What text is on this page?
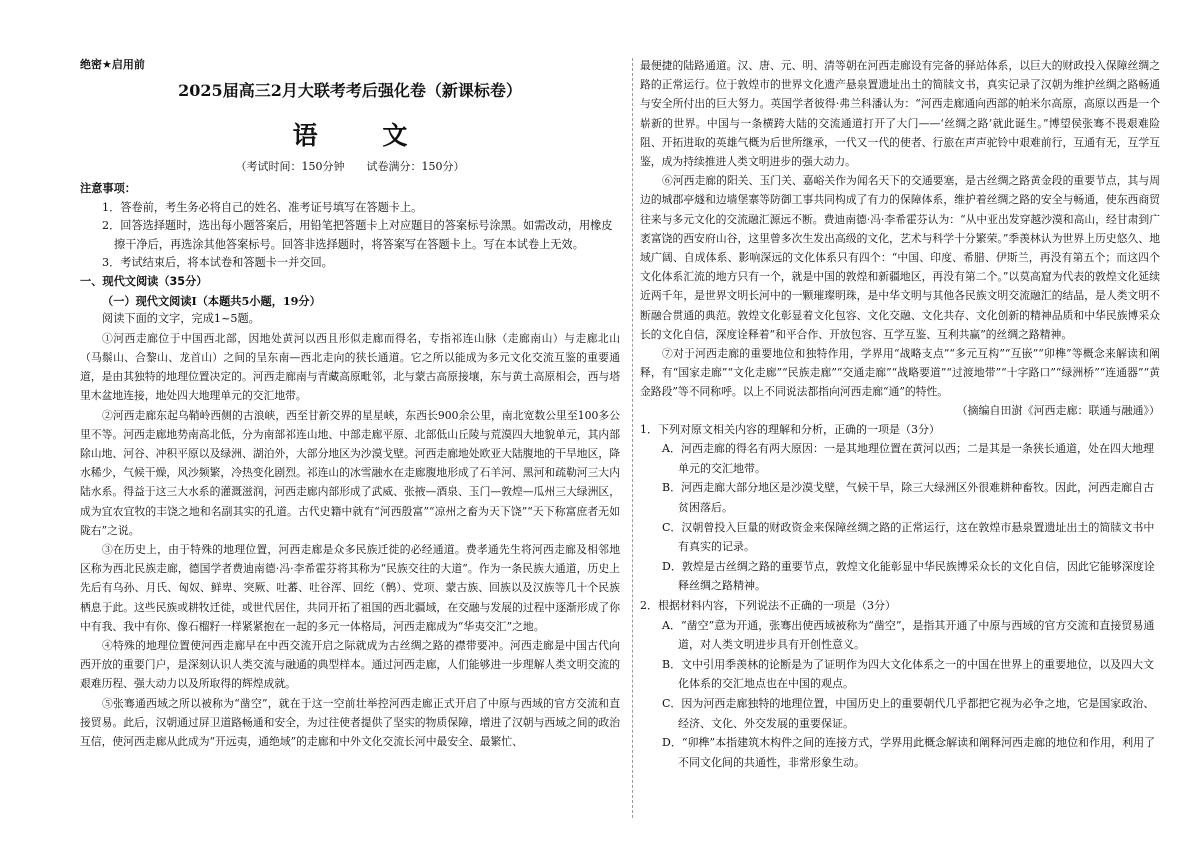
绝密★启用前
2025届高三2月大联考考后强化卷（新课标卷）
语 文
（考试时间：150分钟　　试卷满分：150分）

注意事项：

1．答卷前，考生务必将自己的姓名、准考证号填写在答题卡上。

2．回答选择题时，选出每小题答案后，用铅笔把答题卡上对应题目的答案标号涂黑。如需改动，用橡皮擦干净后，再选涂其他答案标号。回答非选择题时，将答案写在答题卡上。写在本试卷上无效。

3．考试结束后，将本试卷和答题卡一并交回。

一、现代文阅读（35分）

（一）现代文阅读I（本题共5小题，19分）

阅读下面的文字，完成1~5题。

①河西走廊位于中国西北部，因地处黄河以西且形似走廊而得名，专指祁连山脉（走廊南山）与走廊北山（马鬃山、合黎山、龙首山）之间的呈东南—西北走向的狭长通道。它之所以能成为多元文化交流互鉴的重要通道，是由其独特的地理位置决定的。河西走廊南与青藏高原毗邻，北与蒙古高原接壤，东与黄土高原相会，西与塔里木盆地连接，地处四大地理单元的交汇地带。

②河西走廊东起乌鞘岭西侧的古浪峡，西至甘新交界的星星峡，东西长900余公里，南北宽数公里至100多公里不等。河西走廊地势南高北低，分为南部祁连山地、中部走廊平原、北部低山丘陵与荒漠四大地貌单元，其内部除山地、河谷、冲积平原以及绿洲、湖泊外，大部分地区为沙漠戈壁。河西走廊地处欧亚大陆腹地的干旱地区，降水稀少，气候干燥，风沙频繁，冷热变化剧烈。祁连山的冰雪融水在走廊腹地形成了石羊河、黑河和疏勒河三大内陆水系。得益于这三大水系的灌溉滋润，河西走廊内部形成了武威、张掖—酒泉、玉门—敦煌—瓜州三大绿洲区，成为宜农宜牧的丰饶之地和名副其实的孔道。古代史籍中就有“河西殷富”“凉州之畜为天下饶”“天下称富庶者无如陇右”之说。

③在历史上，由于特殊的地理位置，河西走廊是众多民族迁徙的必经通道。费孝通先生将河西走廊及相邻地区称为西北民族走廊，德国学者费迪南德·冯·李希霍芬将其称为“民族交往的大道”。作为一条民族大通道，历史上先后有乌孙、月氏、匈奴、鲜卑、突厥、吐蕃、吐谷浑、回纥（鹘）、党项、蒙古族、回族以及汉族等几十个民族栖息于此。这些民族或耕牧迁徙，或世代居住，共同开拓了祖国的西北疆域，在交融与发展的过程中逐渐形成了你中有我、我中有你、像石榴籽一样紧紧抱在一起的多元一体格局，河西走廊成为“华夷交汇”之地。

④特殊的地理位置使河西走廊早在中西交流开启之际就成为古丝绸之路的襟带要冲。河西走廊是中国古代向西开放的重要门户，是深刻认识人类交流与融通的典型样本。通过河西走廊，人们能够进一步理解人类文明交流的艰难历程、强大动力以及所取得的辉煌成就。

⑤张骞通西域之所以被称为“凿空”，就在于这一空前壮举控河西走廊正式开启了中原与西域的官方交流和直接贸易。此后，汉朝通过屏卫道路畅通和安全，为过往使者提供了坚实的物质保障，增进了汉朝与西域之间的政治互信，使河西走廊从此成为“开远夷，通绝域”的走廊和中外文化交流长河中最安全、最繁忙、

最便捷的陆路通道。汉、唐、元、明、清等朝在河西走廊设有完备的驿站体系，以巨大的财政投入保障丝绸之路的正常运行。位于敦煌市的世界文化遗产悬泉置遗址出土的简牍文书，真实记录了汉朝为维护丝绸之路畅通与安全所付出的巨大努力。英国学者彼得·弗兰科潘认为：“河西走廊通向西部的帕米尔高原，高原以西是一个崭新的世界。中国与一条横跨大陆的交流通道打开了大门——‘丝绸之路’就此诞生。”博望侯张骞不畏艰难险阻、开拓进取的英雄气概为后世所继承，一代又一代的使者、行旅在声声驼铃中艰难前行，互通有无，互学互鉴，成为持续推进人类文明进步的强大动力。

⑥河西走廊的阳关、玉门关、嘉峪关作为闻名天下的交通要塞，是古丝绸之路黄金段的重要节点，其与周边的城郡亭燧和边墙堡寨等防御工事共同构成了有力的保障体系，维护着丝绸之路的安全与畅通，使东西商贸往来与多元文化的交流融汇源远不断。费迪南德·冯·李希霍芬认为：“从中亚出发穿越沙漠和高山，经甘肃到广袤富饶的西安府山谷，这里曾多次生发出高级的文化，艺术与科学十分繁荣。”季羡林认为世界上历史悠久、地域广阔、自成体系、影响深远的文化体系只有四个：“中国、印度、希腊、伊斯兰，再没有第五个；而这四个文化体系汇流的地方只有一个，就是中国的敦煌和新疆地区，再没有第二个。”以莫高窟为代表的敦煌文化延续近两千年，是世界文明长河中的一颗璀璨明珠，是中华文明与其他各民族文明交流融汇的结晶，是人类文明不断融合贯通的典范。敦煌文化彰显着文化包容、文化交融、文化共存、文化创新的精神品质和中华民族博采众长的文化自信，深度诠释着“和平合作、开放包容、互学互鉴、互利共赢”的丝绸之路精神。

⑦对于河西走廊的重要地位和独特作用，学界用“战略支点”“多元互构”“互嵌”“卯榫”等概念来解读和阐释，有“国家走廊”“文化走廊”“民族走廊”“交通走廊”“战略要道”“过渡地带”“十字路口”“绿洲桥”“连通器”“黄金路段”等不同称呼。以上不同说法都指向河西走廊“通”的特性。

（摘编自田澍《河西走廊：联通与融通》）

1．下列对原文相关内容的理解和分析，正确的一项是（3分）

A．河西走廊的得名有两大原因：一是其地理位置在黄河以西；二是其是一条狭长通道，处在四大地理单元的交汇地带。

B．河西走廊大部分地区是沙漠戈壁，气候干旱，除三大绿洲区外很难耕种畜牧。因此，河西走廊自古贫困落后。

C．汉朝曾投入巨量的财政资金来保障丝绸之路的正常运行，这在敦煌市悬泉置遗址出土的简牍文书中有真实的记录。

D．敦煌是古丝绸之路的重要节点，敦煌文化能彰显中华民族博采众长的文化自信，因此它能够深度诠释丝绸之路精神。

2．根据材料内容，下列说法不正确的一项是（3分）

A．“凿空”意为开通，张骞出使西域被称为“凿空”，是指其开通了中原与西域的官方交流和直接贸易通道，对人类文明进步具有开创性意义。

B．文中引用季羡林的论断是为了证明作为四大文化体系之一的中国在世界上的重要地位，以及四大文化体系的交汇地点也在中国的观点。

C．因为河西走廊独特的地理位置，中国历史上的重要朝代几乎都把它视为必争之地，它是国家政治、经济、文化、外交发展的重要保证。

D．“卯榫”本指建筑木构件之间的连接方式，学界用此概念解读和阐释河西走廊的地位和作用，利用了不同文化间的共通性，非常形象生动。
